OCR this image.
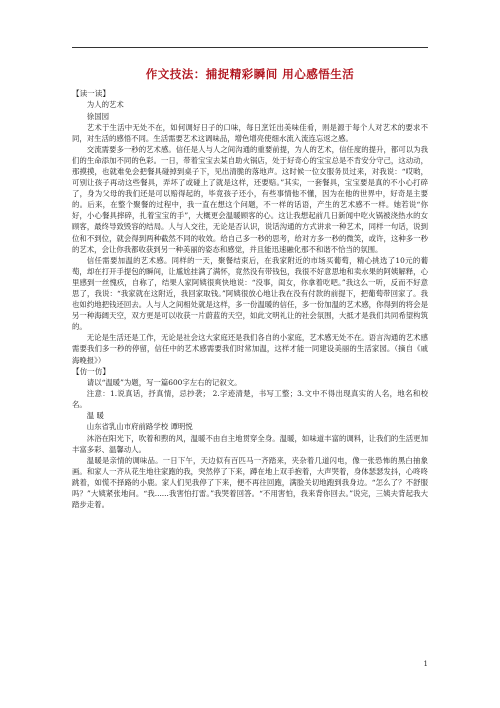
作文技法：捕捉精彩瞬间 用心感悟生活

【读一读】

为人的艺术

徐国园

艺术于生活中无处不在，如何调好日子的口味，每日烹饪出美味佳肴，则是源于每个人对艺术的要求不同，对生活的感悟不同。生活需要艺术这调味品，增色增亮使细水流入流连忘返之感。

交流需要多一秒的艺术感。信任是人与人之间沟通的重要前提，为人的艺术，信任度的提升，都可以为我们的生命添加不同的色彩。一日，带着宝宝去某自助火锅店，处于好奇心的宝宝总是不肯安分守己，这动动，那摸摸，也就难免会把餐具碰掉到桌子下，见出清脆的落地声。这时候一位女服务员过来，对我说：“哎哟，可别让孩子再动这些餐具，弄坏了或碰上了就是这样，还要赔。”其实，一套餐具，宝宝要是真的不小心打碎了，身为父母的我们还是可以赔得起的，毕竟孩子还小，有些事情他不懂，因为在他的世界中，好奇是主要的。后来，在整个聚餐的过程中，我一直在想这个问题，不一样的话语，产生的艺术感不一样。她若说“你好，小心餐具摔碎，扎着宝宝的手”，大概更会温暖顾客的心。这让我想起前几日新闻中吃火锅被浇热水的女顾客，最终导致毁容的结局。人与人交往，无论是否认识，说话沟通的方式讲求一种艺术，同样一句话，说到位和不到位，就会得到两种截然不同的收效。给自己多一秒的思考，给对方多一秒的微笑，或许，这种多一秒的艺术，会让你我都收获到另一种美丽的姿态和感觉，并且能迅速融化那不和谐不恰当的氛围。

信任需要加温的艺术感。同样的一天，聚餐结束后，在我家附近的市场买葡萄，精心挑选了10元的葡萄，却在打开手提包的瞬间，让尴尬挂满了满怀，竟然没有带钱包，我很不好意思地和卖水果的阿姨解释，心里感到一丝愧疚，自称了，结果人家阿姨很爽快地说：“没事，闺女，你拿着吃吧。”我这么一听，反而不好意思了，我说：“我家就在这附近，我回家取钱。”阿姨很放心地让我在没有付款的前提下，把葡萄带回家了。我也如约地把钱还回去。人与人之间相处就是这样，多一份温暖的信任，多一份加温的艺术感，你得到的将会是另一种海阔天空，双方更是可以收获一片蔚蓝的天空，如此文明礼让的社会氛围，大抵才是我们共同希望构筑的。

无论是生活还是工作，无论是社会这大家庭还是我们各自的小家庭，艺术感无处不在。语言沟通的艺术感需要我们多一秒的停留，信任中的艺术感需要我们时常加温，这样才能一同建设美丽的生活家园。（摘自《戚海晚报》）

【仿一仿】

请以“温暖”为题，写一篇600字左右的记叙文。

注意：1.说真话，抒真情，忌抄袭； 2.字迹清楚，书写工整；3.文中不得出现真实的人名，地名和校名。

温 暖

山东省乳山市府前路学校 谭明悦

沐浴在阳光下，吹着和煦的风，温暖不由自主地贯穿全身。温暖，如味道丰富的调料，让我们的生活更加丰富多彩、温馨动人。

温暖是亲情的调味品。一日下午，天边似有百匹马一齐踏来，夹杂着几道闪电，像一张恐怖的黑白抽象画。和家人一齐从花生地往家跑的我，突然停了下来，蹲在地上双手抱着，大声哭着，身体瑟瑟发抖，心咚咚跳着，如慌不择路的小鹿。家人们见我停了下来，便不再往回跑，满脸关切地跑到我身边。“怎么了？不舒服吗？”大姨紧张地问。“我......我害怕打雷。”我哭着回答。“不用害怕，我来背你回去。”说完，三姨夫背起我大踏步走着。

1
